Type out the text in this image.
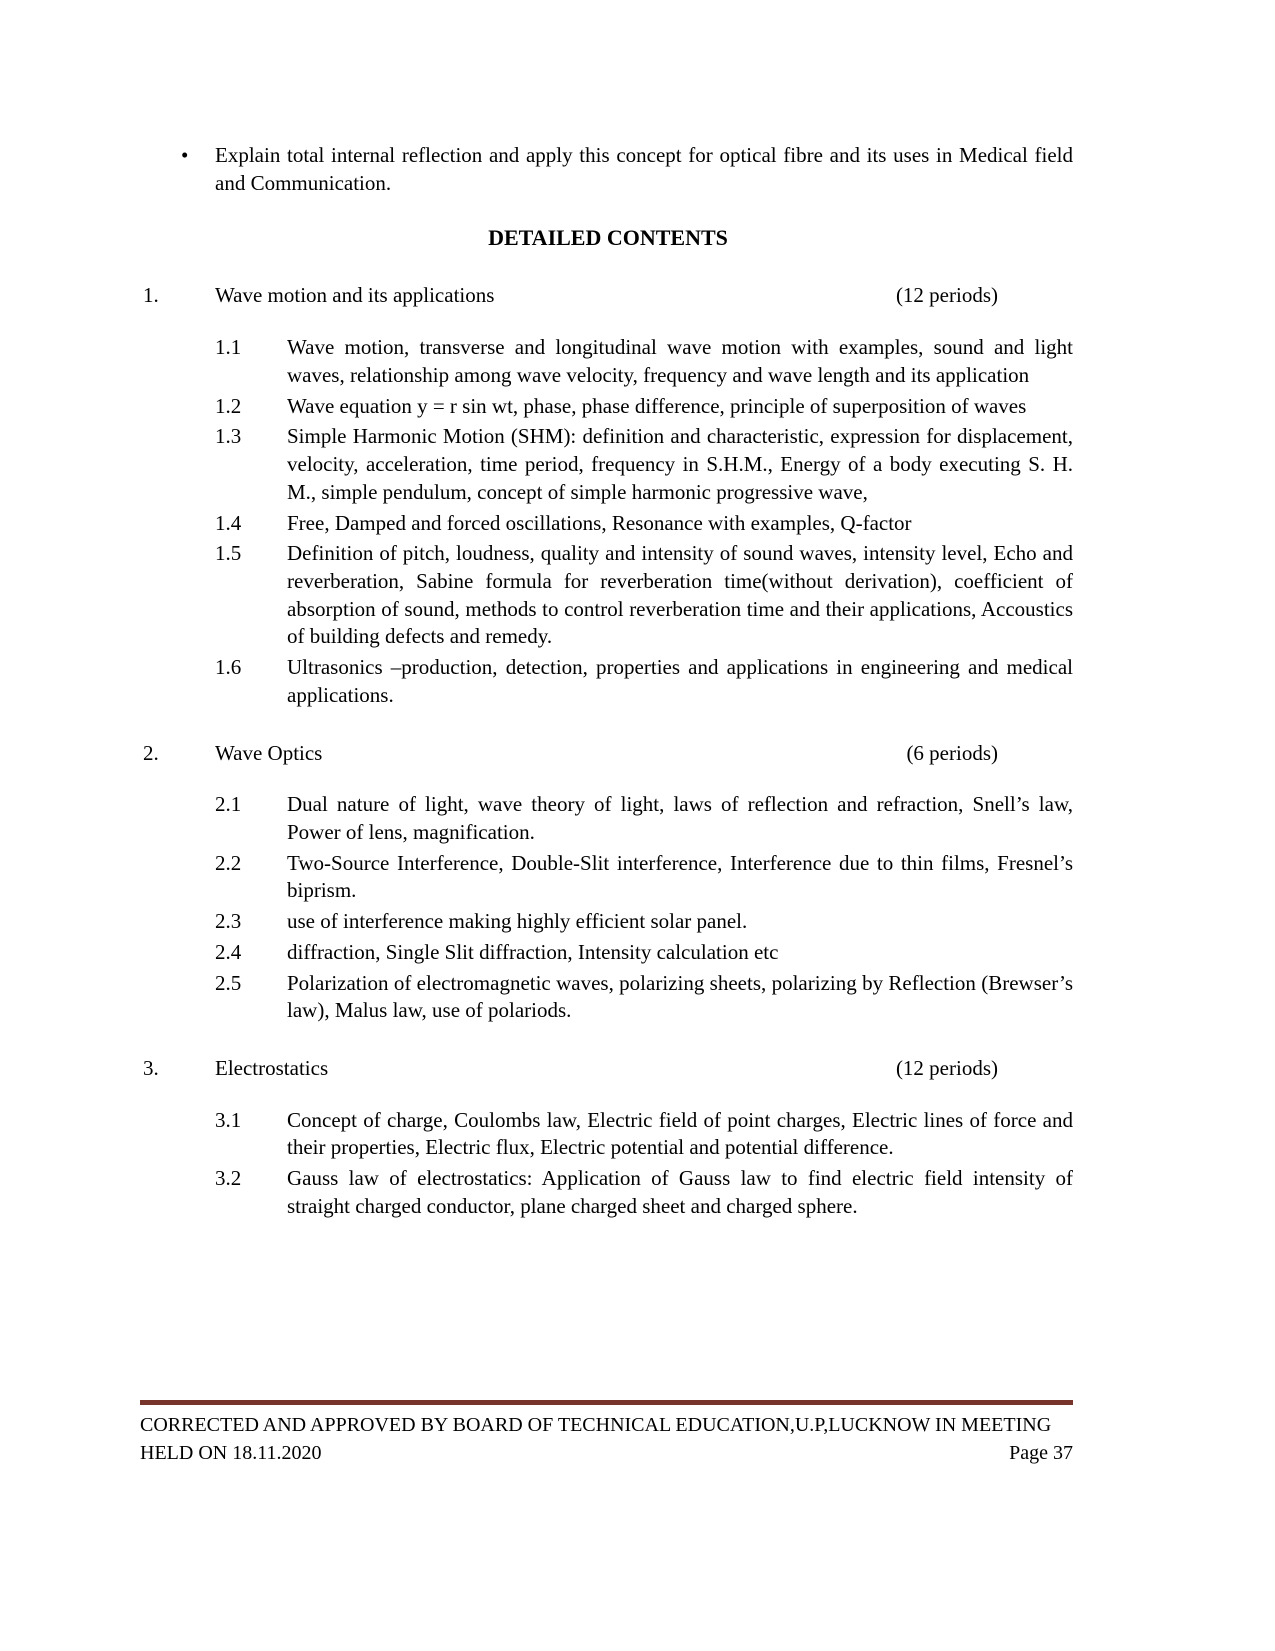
•	Explain total internal reflection and apply this concept for optical fibre and its uses in Medical field and Communication.
DETAILED CONTENTS
1.	Wave motion and its applications	(12 periods)
1.1	Wave motion, transverse and longitudinal wave motion with examples, sound and light waves, relationship among wave velocity, frequency and wave length and its application
1.2	Wave equation y = r sin wt, phase, phase difference, principle of superposition of waves
1.3	Simple Harmonic Motion (SHM): definition and characteristic, expression for displacement, velocity, acceleration, time period, frequency in S.H.M., Energy of a body executing S. H. M., simple pendulum, concept of simple harmonic progressive wave,
1.4	Free, Damped and forced oscillations, Resonance with examples, Q-factor
1.5	Definition of pitch, loudness, quality and intensity of sound waves, intensity level, Echo and reverberation, Sabine formula for reverberation time(without derivation), coefficient of absorption of sound, methods to control reverberation time and their applications, Accoustics of building defects and remedy.
1.6	Ultrasonics –production, detection, properties and applications in engineering and medical applications.
2.	Wave Optics	(6 periods)
2.1	Dual nature of light, wave theory of light, laws of reflection and refraction, Snell’s law, Power of lens, magnification.
2.2	Two-Source Interference, Double-Slit interference, Interference due to thin films, Fresnel’s biprism.
2.3	use of interference making highly efficient solar panel.
2.4	diffraction, Single Slit diffraction, Intensity calculation etc
2.5	Polarization of electromagnetic waves, polarizing sheets, polarizing by Reflection (Brewser’s law), Malus law, use of polariods.
3.	Electrostatics	(12 periods)
3.1	Concept of charge, Coulombs law, Electric field of point charges, Electric lines of force and their properties, Electric flux, Electric potential and potential difference.
3.2	Gauss law of electrostatics: Application of Gauss law to find electric field intensity of straight charged conductor, plane charged sheet and charged sphere.
CORRECTED AND APPROVED BY BOARD OF TECHNICAL EDUCATION,U.P,LUCKNOW IN MEETING
HELD ON 18.11.2020	Page 37
